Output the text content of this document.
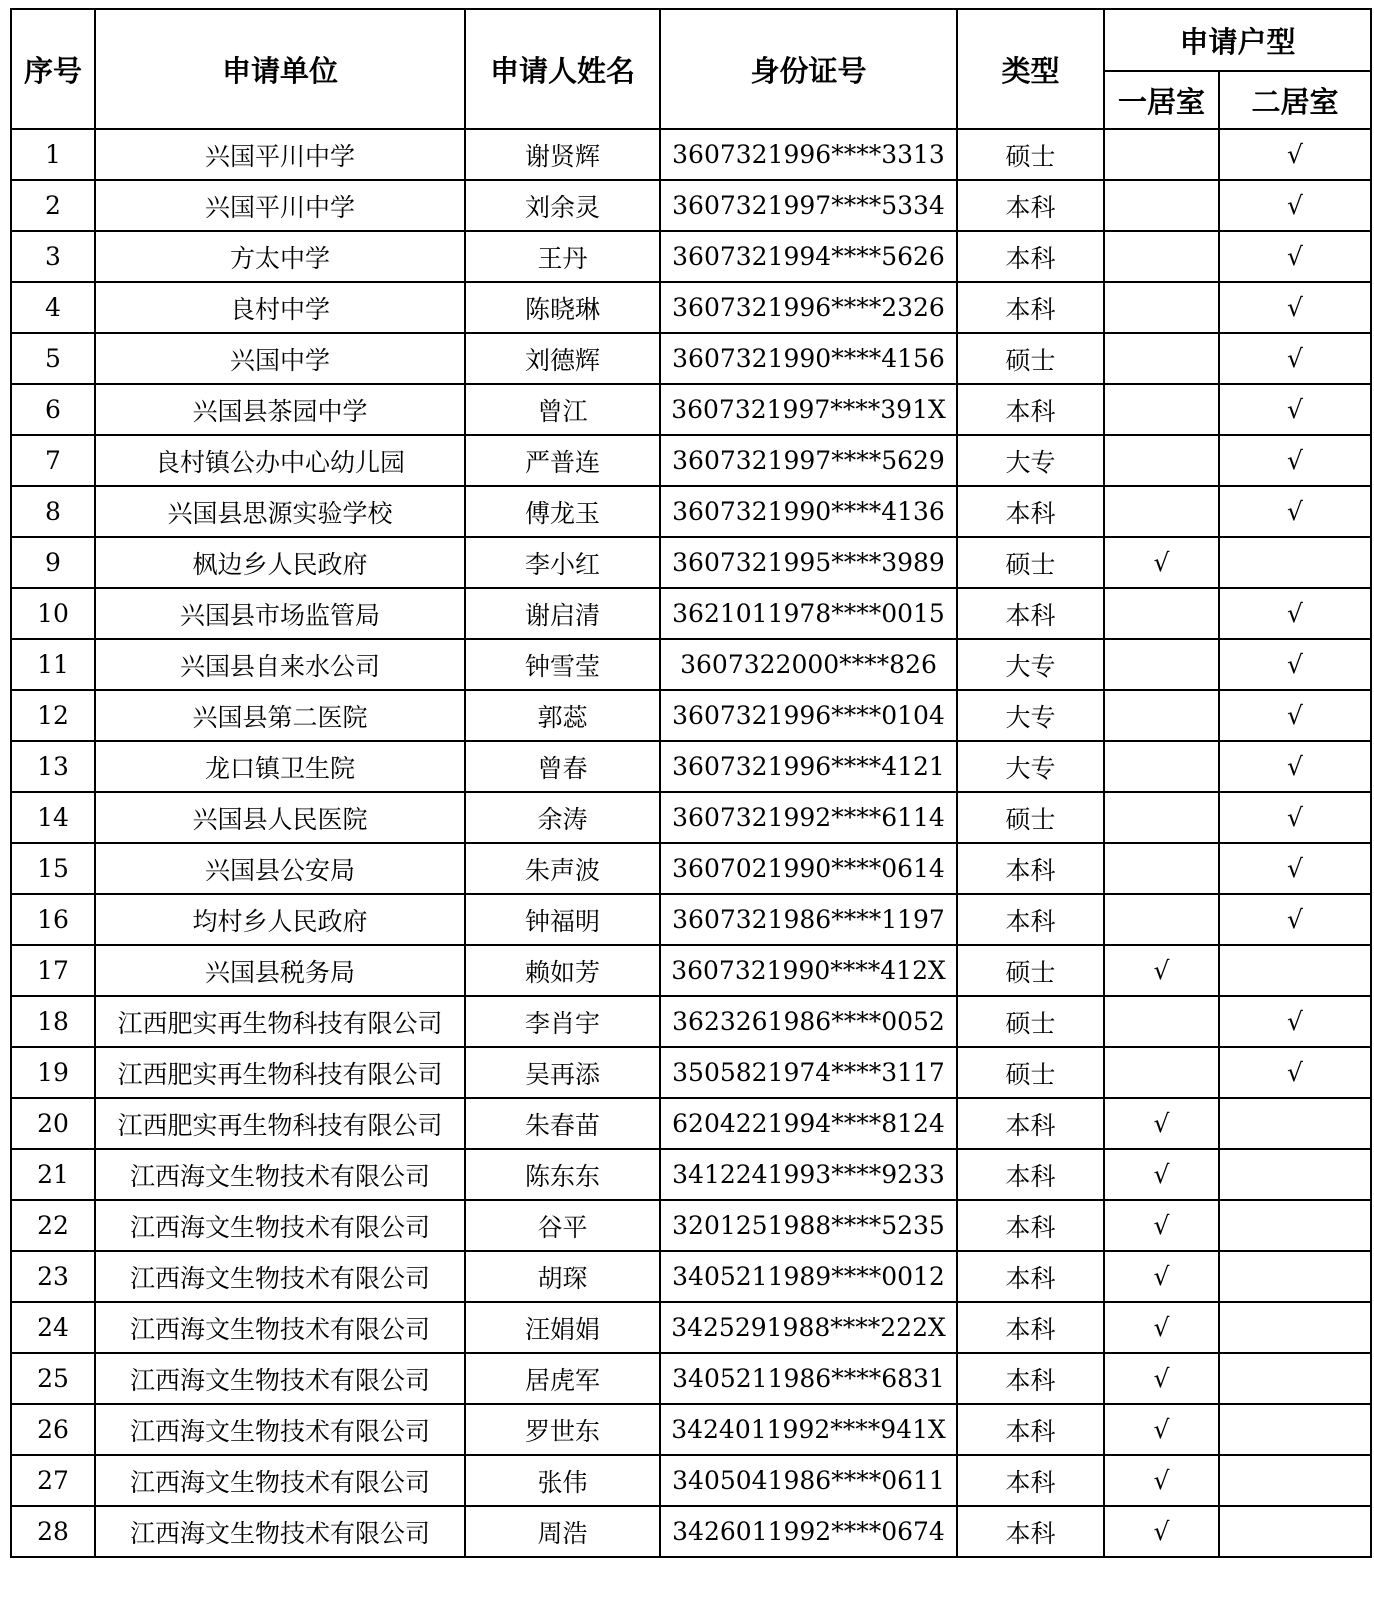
序号	申请单位	申请人姓名	身份证号	类型	申请户型	
					一居室	二居室
1	兴国平川中学	谢贤辉	3607321996****3313	硕士		√
2	兴国平川中学	刘余灵	3607321997****5334	本科		√
3	方太中学	王丹	3607321994****5626	本科		√
4	良村中学	陈晓琳	3607321996****2326	本科		√
5	兴国中学	刘德辉	3607321990****4156	硕士		√
6	兴国县茶园中学	曾江	3607321997****391X	本科		√
7	良村镇公办中心幼儿园	严普连	3607321997****5629	大专		√
8	兴国县思源实验学校	傅龙玉	3607321990****4136	本科		√
9	枫边乡人民政府	李小红	3607321995****3989	硕士	√	
10	兴国县市场监管局	谢启清	3621011978****0015	本科		√
11	兴国县自来水公司	钟雪莹	3607322000****826	大专		√
12	兴国县第二医院	郭蕊	3607321996****0104	大专		√
13	龙口镇卫生院	曾春	3607321996****4121	大专		√
14	兴国县人民医院	余涛	3607321992****6114	硕士		√
15	兴国县公安局	朱声波	3607021990****0614	本科		√
16	均村乡人民政府	钟福明	3607321986****1197	本科		√
17	兴国县税务局	赖如芳	3607321990****412X	硕士	√	
18	江西肥实再生物科技有限公司	李肖宇	3623261986****0052	硕士		√
19	江西肥实再生物科技有限公司	吴再添	3505821974****3117	硕士		√
20	江西肥实再生物科技有限公司	朱春苗	6204221994****8124	本科	√	
21	江西海文生物技术有限公司	陈东东	3412241993****9233	本科	√	
22	江西海文生物技术有限公司	谷平	3201251988****5235	本科	√	
23	江西海文生物技术有限公司	胡琛	3405211989****0012	本科	√	
24	江西海文生物技术有限公司	汪娟娟	3425291988****222X	本科	√	
25	江西海文生物技术有限公司	居虎军	3405211986****6831	本科	√	
26	江西海文生物技术有限公司	罗世东	3424011992****941X	本科	√	
27	江西海文生物技术有限公司	张伟	3405041986****0611	本科	√	
28	江西海文生物技术有限公司	周浩	3426011992****0674	本科	√	
